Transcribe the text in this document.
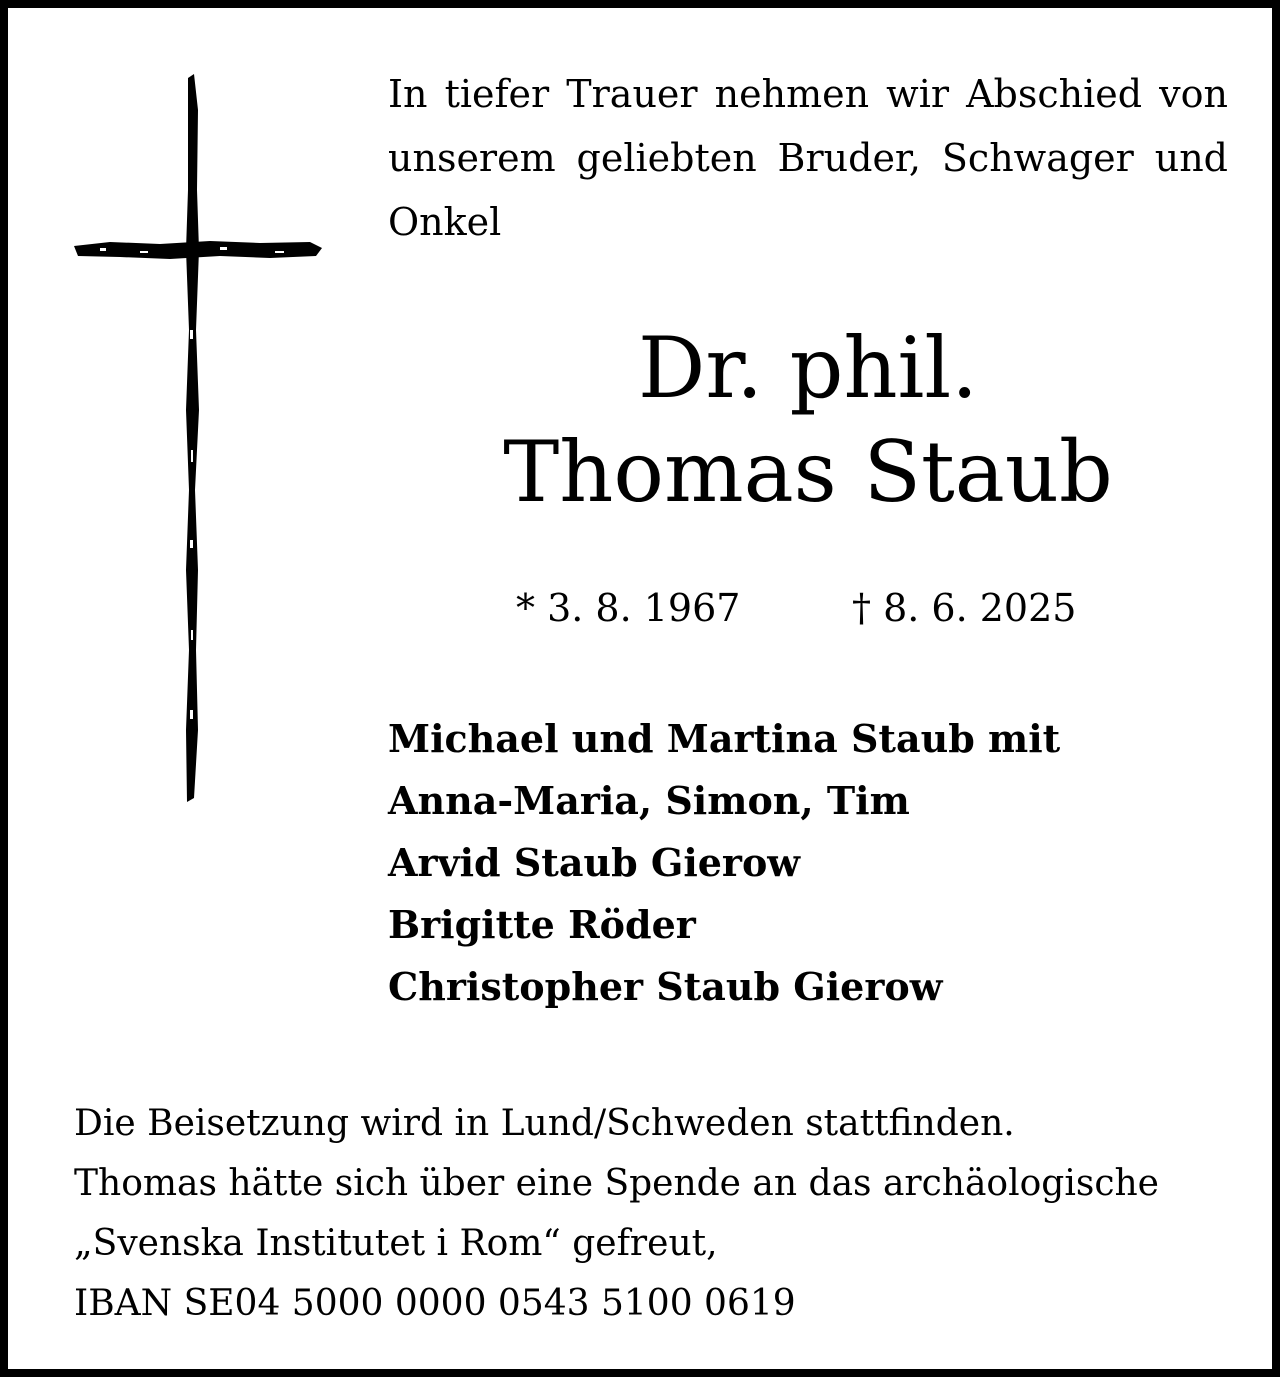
In tiefer Trauer nehmen wir Abschied von unserem geliebten Bruder, Schwager und Onkel

Dr. phil.
Thomas Staub
* 3. 8. 1967	† 8. 6. 2025
Michael und Martina Staub mit
Anna-Maria, Simon, Tim
Arvid Staub Gierow
Brigitte Röder
Christopher Staub Gierow
Die Beisetzung wird in Lund/Schweden stattfinden.
Thomas hätte sich über eine Spende an das archäologische
„Svenska Institutet i Rom“ gefreut,
IBAN SE04 5000 0000 0543 5100 0619
